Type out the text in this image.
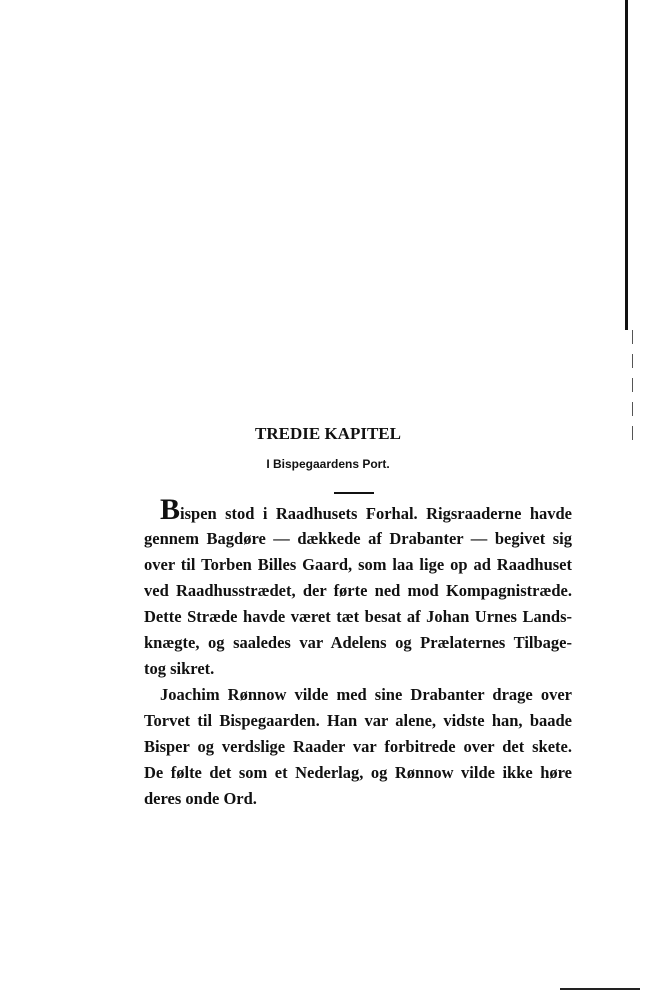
TREDIE KAPITEL
I Bispegaardens Port.
Bispen stod i Raadhusets Forhal. Rigsraaderne havde
gennem Bagdøre — dækkede af Drabanter — begivet sig
over til Torben Billes Gaard, som laa lige op ad Raadhuset
ved Raadhusstrædet, der førte ned mod Kompagnistræde.
Dette Stræde havde været tæt besat af Johan Urnes Lands-
knægte, og saaledes var Adelens og Prælaternes Tilbage-
tog sikret.
Joachim Rønnow vilde med sine Drabanter drage over
Torvet til Bispegaarden. Han var alene, vidste han, baade
Bisper og verdslige Raader var forbitrede over det skete.
De følte det som et Nederlag, og Rønnow vilde ikke høre
deres onde Ord.
